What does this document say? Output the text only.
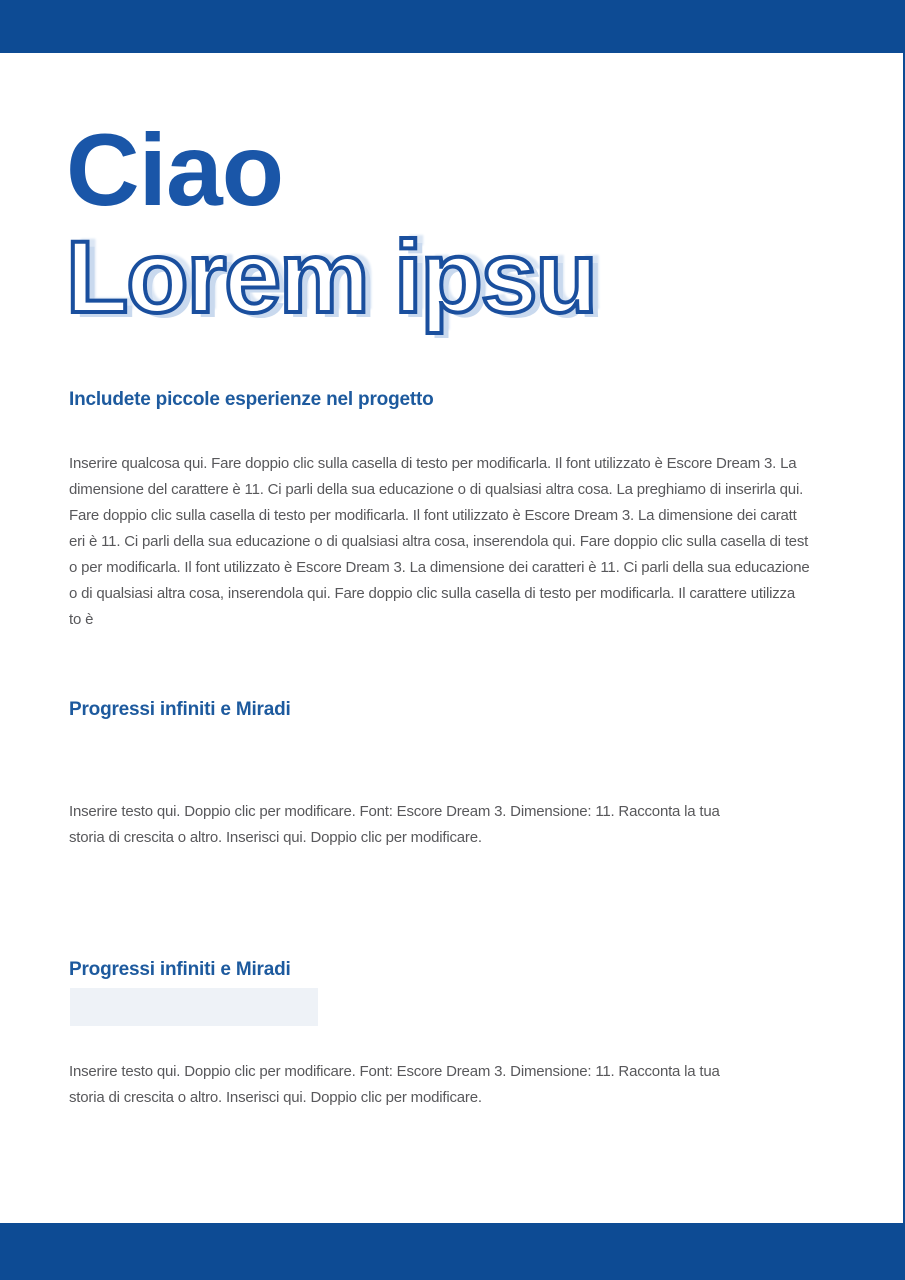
Ciao
Lorem ipsu
Includete piccole esperienze nel progetto
Inserire qualcosa qui. Fare doppio clic sulla casella di testo per modificarla. Il font utilizzato è Escore Dream 3. La
dimensione del carattere è 11. Ci parli della sua educazione o di qualsiasi altra cosa. La preghiamo di inserirla qui.
Fare doppio clic sulla casella di testo per modificarla. Il font utilizzato è Escore Dream 3. La dimensione dei caratt
eri è 11. Ci parli della sua educazione o di qualsiasi altra cosa, inserendola qui. Fare doppio clic sulla casella di test
o per modificarla. Il font utilizzato è Escore Dream 3. La dimensione dei caratteri è 11. Ci parli della sua educazione
o di qualsiasi altra cosa, inserendola qui. Fare doppio clic sulla casella di testo per modificarla. Il carattere utilizza
to è
Progressi infiniti e Miradi
Inserire testo qui. Doppio clic per modificare. Font: Escore Dream 3. Dimensione: 11. Racconta la tua
storia di crescita o altro. Inserisci qui. Doppio clic per modificare.
Progressi infiniti e Miradi
Inserire testo qui. Doppio clic per modificare. Font: Escore Dream 3. Dimensione: 11. Racconta la tua
storia di crescita o altro. Inserisci qui. Doppio clic per modificare.
